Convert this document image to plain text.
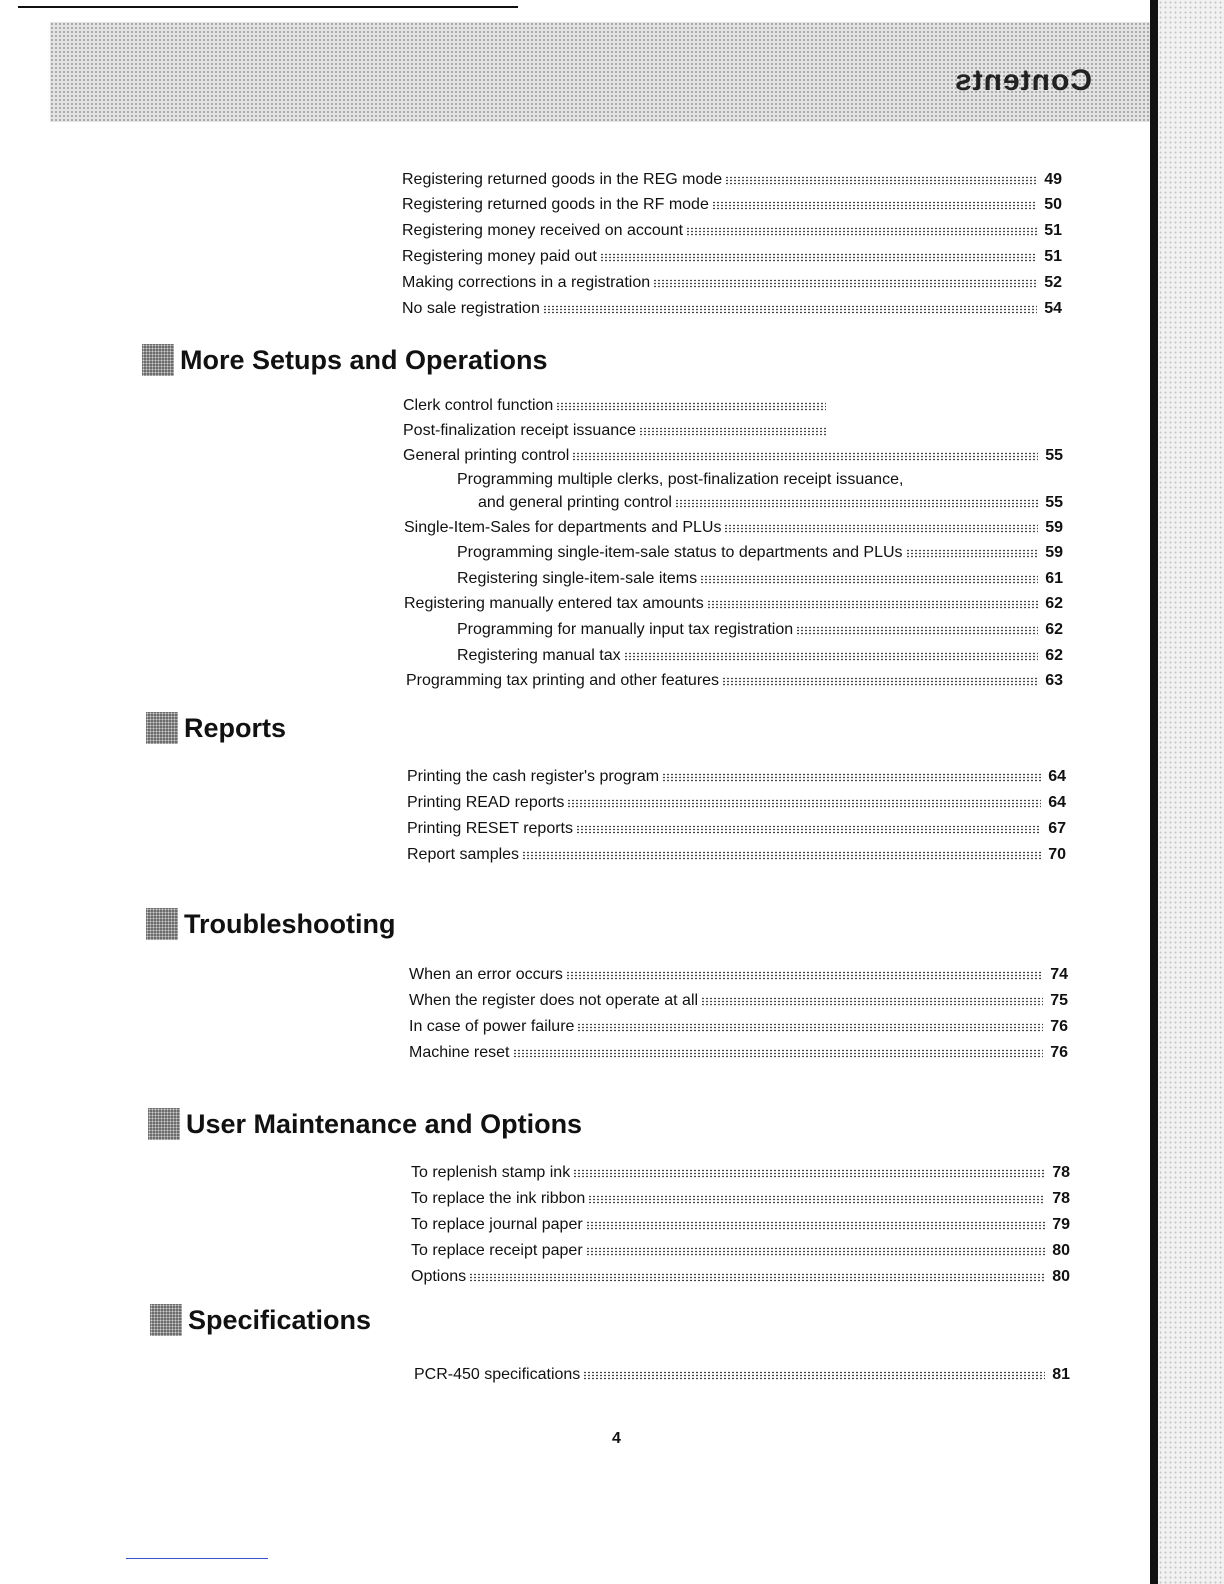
Contents
Registering returned goods in the REG mode	49
Registering returned goods in the RF mode	50
Registering money received on account	51
Registering money paid out	51
Making corrections in a registration	52
No sale registration	54
More Setups and Operations
Clerk control function
Post-finalization receipt issuance
General printing control	55
Programming multiple clerks, post-finalization receipt issuance,
and general printing control	55
Single-Item-Sales for departments and PLUs	59
Programming single-item-sale status to departments and PLUs	59
Registering single-item-sale items	61
Registering manually entered tax amounts	62
Programming for manually input tax registration	62
Registering manual tax	62
Programming tax printing and other features	63
Reports
Printing the cash register's program	64
Printing READ reports	64
Printing RESET reports	67
Report samples	70
Troubleshooting
When an error occurs	74
When the register does not operate at all	75
In case of power failure	76
Machine reset	76
User Maintenance and Options
To replenish stamp ink	78
To replace the ink ribbon	78
To replace journal paper	79
To replace receipt paper	80
Options	80
Specifications
PCR-450 specifications	81
4
